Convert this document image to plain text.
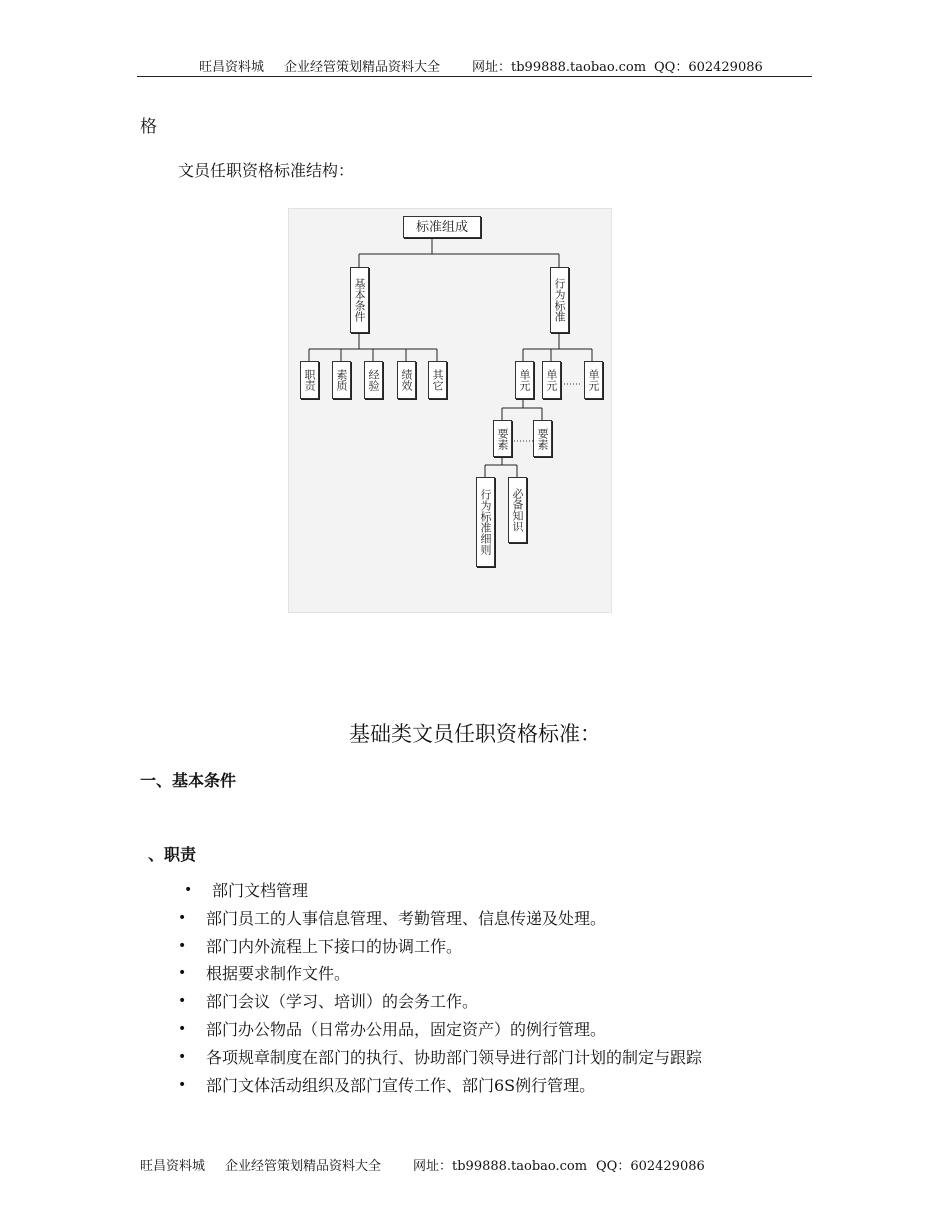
旺昌资料城 企业经管策划精品资料大全 网址：tb99888.taobao.com QQ：602429086
格
文员任职资格标准结构：
标准组成
基本条件	行为标准
职责 素质 经验 绩效 其它	单元 单元	单元
要素 要素
行为标准细则 必备知识
基础类文员任职资格标准：
一、基本条件
、职责
• 部门文档管理
• 部门员工的人事信息管理、考勤管理、信息传递及处理。
• 部门内外流程上下接口的协调工作。
• 根据要求制作文件。
• 部门会议（学习、培训）的会务工作。
• 部门办公物品（日常办公用品，固定资产）的例行管理。
• 各项规章制度在部门的执行、协助部门领导进行部门计划的制定与跟踪
• 部门文体活动组织及部门宣传工作、部门6S例行管理。
旺昌资料城 企业经管策划精品资料大全 网址：tb99888.taobao.com QQ：602429086
